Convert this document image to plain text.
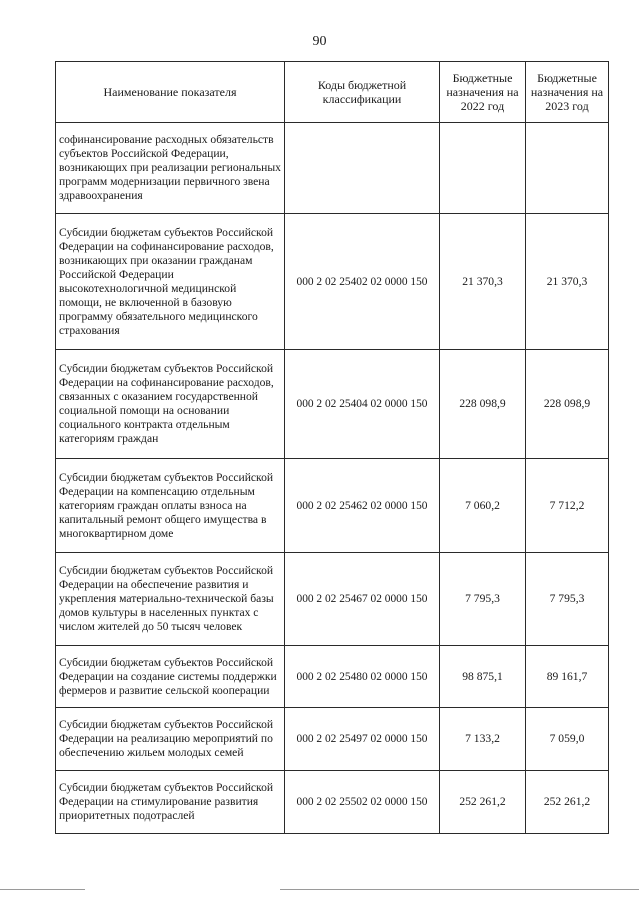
90
Наименование показателя	Коды бюджетной классификации	Бюджетные назначения на 2022 год	Бюджетные назначения на 2023 год
софинансирование расходных обязательств субъектов Российской Федерации, возникающих при реализации региональных программ модернизации первичного звена здравоохранения			
Субсидии бюджетам субъектов Российской Федерации на софинансирование расходов, возникающих при оказании гражданам Российской Федерации высокотехнологичной медицинской помощи, не включенной в базовую программу обязательного медицинского страхования	000 2 02 25402 02 0000 150	21 370,3	21 370,3
Субсидии бюджетам субъектов Российской Федерации на софинансирование расходов, связанных с оказанием государственной социальной помощи на основании социального контракта отдельным категориям граждан	000 2 02 25404 02 0000 150	228 098,9	228 098,9
Субсидии бюджетам субъектов Российской Федерации на компенсацию отдельным категориям граждан оплаты взноса на капитальный ремонт общего имущества в многоквартирном доме	000 2 02 25462 02 0000 150	7 060,2	7 712,2
Субсидии бюджетам субъектов Российской Федерации на обеспечение развития и укрепления материально-технической базы домов культуры в населенных пунктах с числом жителей до 50 тысяч человек	000 2 02 25467 02 0000 150	7 795,3	7 795,3
Субсидии бюджетам субъектов Российской Федерации на создание системы поддержки фермеров и развитие сельской кооперации	000 2 02 25480 02 0000 150	98 875,1	89 161,7
Субсидии бюджетам субъектов Российской Федерации на реализацию мероприятий по обеспечению жильем молодых семей	000 2 02 25497 02 0000 150	7 133,2	7 059,0
Субсидии бюджетам субъектов Российской Федерации на стимулирование развития приоритетных подотраслей	000 2 02 25502 02 0000 150	252 261,2	252 261,2
